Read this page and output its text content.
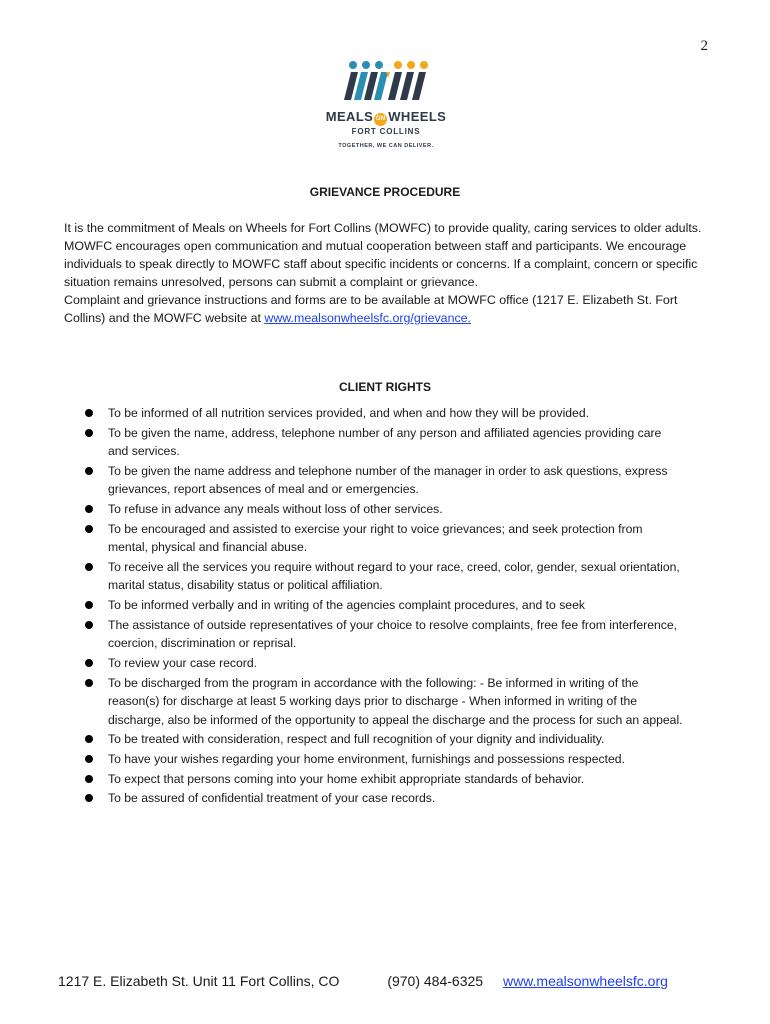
2
MEALS ON WHEELS
FORT COLLINS
TOGETHER, WE CAN DELIVER.
GRIEVANCE PROCEDURE

It is the commitment of Meals on Wheels for Fort Collins (MOWFC) to provide quality, caring services to older adults. MOWFC encourages open communication and mutual cooperation between staff and participants. We encourage individuals to speak directly to MOWFC staff about specific incidents or concerns. If a complaint, concern or specific situation remains unresolved, persons can submit a complaint or grievance.

Complaint and grievance instructions and forms are to be available at MOWFC office (1217 E. Elizabeth St. Fort Collins) and the MOWFC website at www.mealsonwheelsfc.org/grievance.

CLIENT RIGHTS
To be informed of all nutrition services provided, and when and how they will be provided.
To be given the name, address, telephone number of any person and affiliated agencies providing care and services.
To be given the name address and telephone number of the manager in order to ask questions, express grievances, report absences of meal and or emergencies.
To refuse in advance any meals without loss of other services.
To be encouraged and assisted to exercise your right to voice grievances; and seek protection from mental, physical and financial abuse.
To receive all the services you require without regard to your race, creed, color, gender, sexual orientation, marital status, disability status or political affiliation.
To be informed verbally and in writing of the agencies complaint procedures, and to seek
The assistance of outside representatives of your choice to resolve complaints, free fee from interference, coercion, discrimination or reprisal.
To review your case record.
To be discharged from the program in accordance with the following: - Be informed in writing of the reason(s) for discharge at least 5 working days prior to discharge - When informed in writing of the discharge, also be informed of the opportunity to appeal the discharge and the process for such an appeal.
To be treated with consideration, respect and full recognition of your dignity and individuality.
To have your wishes regarding your home environment, furnishings and possessions respected.
To expect that persons coming into your home exhibit appropriate standards of behavior.
To be assured of confidential treatment of your case records.
1217 E. Elizabeth St. Unit 11 Fort Collins, CO	(970) 484-6325 www.mealsonwheelsfc.org
